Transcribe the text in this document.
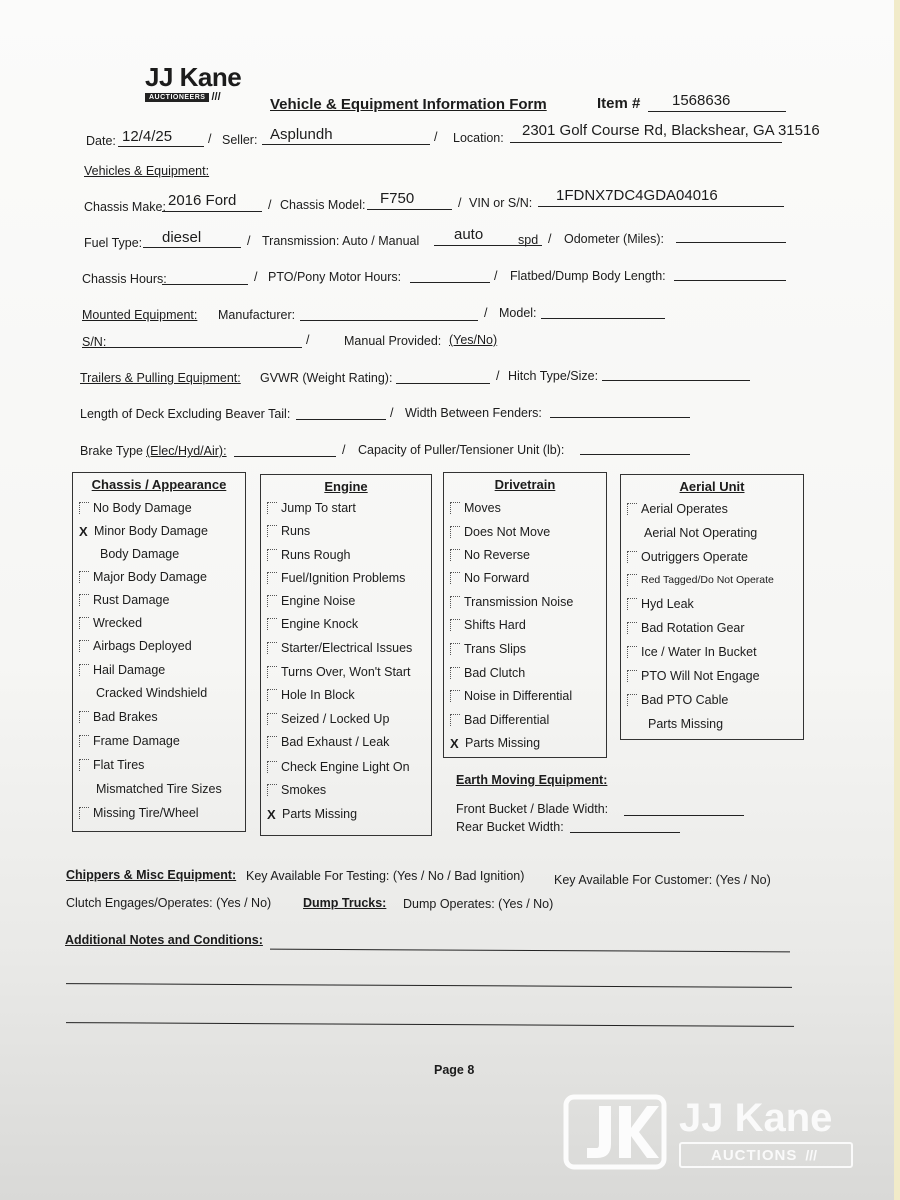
JJ Kane
AUCTIONEERS ///	Vehicle & Equipment Information Form	Item # 1568636
Date: 12/4/25	/ Seller: Asplundh	/ Location: 2301 Golf Course Rd, Blackshear, GA 31516
Vehicles & Equipment:
Chassis Make: 2016 Ford	/ Chassis Model: F750	/ VIN or S/N: 1FDNX7DC4GDA04016
Fuel Type: diesel	/ Transmission: Auto / Manual auto	spd / Odometer (Miles):
Chassis Hours:	/ PTO/Pony Motor Hours:	/ Flatbed/Dump Body Length:
Mounted Equipment: Manufacturer:	/ Model:
S/N:	/	Manual Provided: (Yes/No)
Trailers & Pulling Equipment: GVWR (Weight Rating):	/ Hitch Type/Size:
Length of Deck Excluding Beaver Tail:	/ Width Between Fenders:
Brake Type (Elec/Hyd/Air):	/ Capacity of Puller/Tensioner Unit (lb):
Chassis / Appearance
No Body Damage
X Minor Body Damage
Body Damage
Major Body Damage
Rust Damage
Wrecked
Airbags Deployed
Hail Damage
Cracked Windshield
Bad Brakes
Frame Damage
Flat Tires
Mismatched Tire Sizes
Missing Tire/Wheel
Engine
Jump To start
Runs
Runs Rough
Fuel/Ignition Problems
Engine Noise
Engine Knock
Starter/Electrical Issues
Turns Over, Won't Start
Hole In Block
Seized / Locked Up
Bad Exhaust / Leak
Check Engine Light On
Smokes
X Parts Missing
Drivetrain
Moves
Does Not Move
No Reverse
No Forward
Transmission Noise
Shifts Hard
Trans Slips
Bad Clutch
Noise in Differential
Bad Differential
X Parts Missing
Aerial Unit
Aerial Operates
Aerial Not Operating
Outriggers Operate
Red Tagged/Do Not Operate
Hyd Leak
Bad Rotation Gear
Ice / Water In Bucket
PTO Will Not Engage
Bad PTO Cable
Parts Missing
Earth Moving Equipment:
Front Bucket / Blade Width:
Rear Bucket Width:
Chippers & Misc Equipment: Key Available For Testing: (Yes / No / Bad Ignition) Key Available For Customer: (Yes / No)
Clutch Engages/Operates: (Yes / No)	Dump Trucks: Dump Operates: (Yes / No)
Additional Notes and Conditions:
Page 8
JJ Kane
AUCTIONS ///
